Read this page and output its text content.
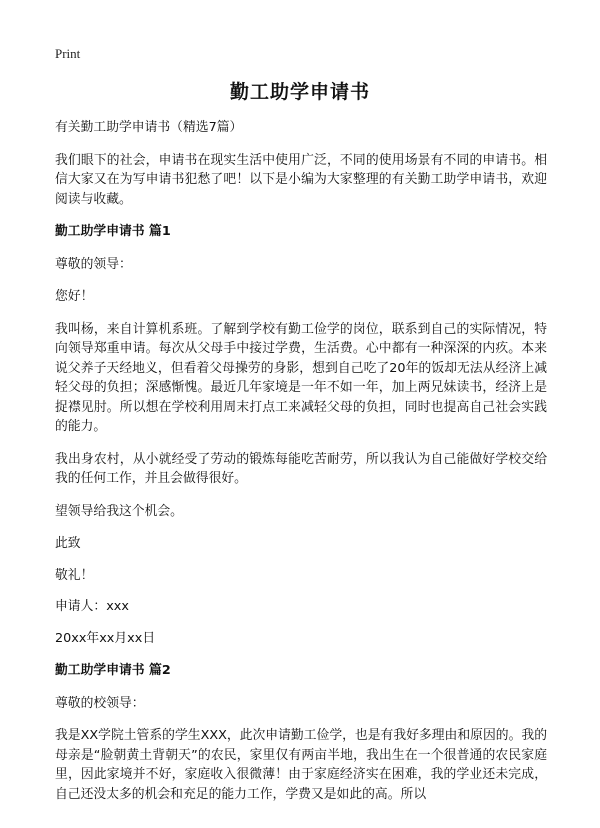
Print
勤工助学申请书

有关勤工助学申请书（精选7篇）

我们眼下的社会，申请书在现实生活中使用广泛，不同的使用场景有不同的申请书。相信大家又在为写申请书犯愁了吧！以下是小编为大家整理的有关勤工助学申请书，欢迎阅读与收藏。

勤工助学申请书 篇1

尊敬的领导：

您好！

我叫杨，来自计算机系班。了解到学校有勤工俭学的岗位，联系到自己的实际情况，特向领导郑重申请。每次从父母手中接过学费，生活费。心中都有一种深深的内疚。本来说父养子天经地义，但看着父母操劳的身影，想到自己吃了20年的饭却无法从经济上减轻父母的负担；深感惭愧。最近几年家境是一年不如一年，加上两兄妹读书，经济上是捉襟见肘。所以想在学校利用周末打点工来减轻父母的负担，同时也提高自己社会实践的能力。

我出身农村，从小就经受了劳动的锻炼每能吃苦耐劳，所以我认为自己能做好学校交给我的任何工作，并且会做得很好。

望领导给我这个机会。

此致

敬礼！

申请人：xxx

20xx年xx月xx日

勤工助学申请书 篇2

尊敬的校领导：

我是XX学院土管系的学生XXX，此次申请勤工俭学，也是有我好多理由和原因的。我的母亲是“脸朝黄土背朝天”的农民，家里仅有两亩半地，我出生在一个很普通的农民家庭里，因此家境并不好，家庭收入很微薄！由于家庭经济实在困难，我的学业还未完成，自己还没太多的机会和充足的能力工作，学费又是如此的高。所以
